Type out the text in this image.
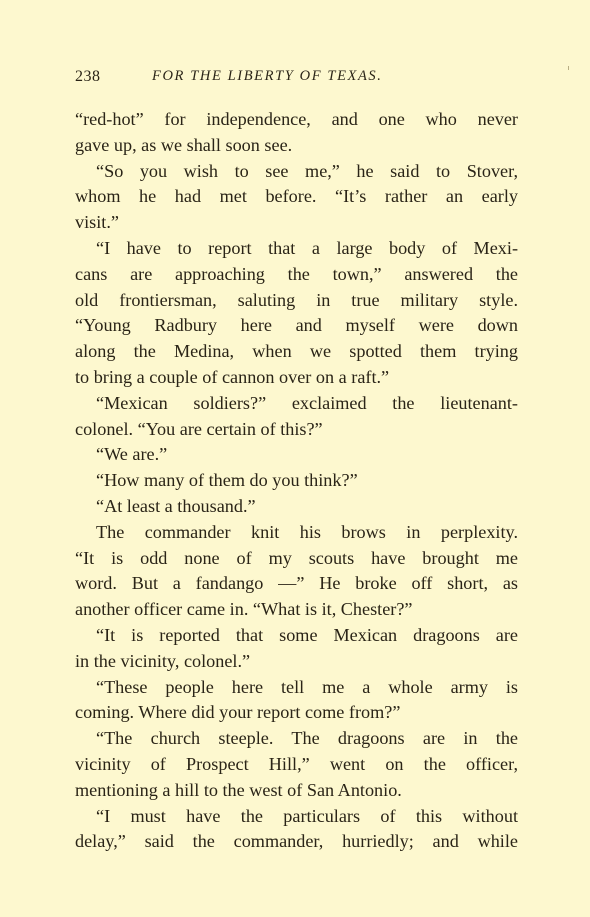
238	FOR THE LIBERTY OF TEXAS.
“red-hot” for independence, and one who never
gave up, as we shall soon see.
“So you wish to see me,” he said to Stover,
whom he had met before. “It’s rather an early
visit.”
“I have to report that a large body of Mexi-
cans are approaching the town,” answered the
old frontiersman, saluting in true military style.
“Young Radbury here and myself were down
along the Medina, when we spotted them trying
to bring a couple of cannon over on a raft.”
“Mexican soldiers?” exclaimed the lieutenant-
colonel. “You are certain of this?”
“We are.”
“How many of them do you think?”
“At least a thousand.”
The commander knit his brows in perplexity.
“It is odd none of my scouts have brought me
word. But a fandango —” He broke off short, as
another officer came in. “What is it, Chester?”
“It is reported that some Mexican dragoons are
in the vicinity, colonel.”
“These people here tell me a whole army is
coming. Where did your report come from?”
“The church steeple. The dragoons are in the
vicinity of Prospect Hill,” went on the officer,
mentioning a hill to the west of San Antonio.
“I must have the particulars of this without
delay,” said the commander, hurriedly; and while
